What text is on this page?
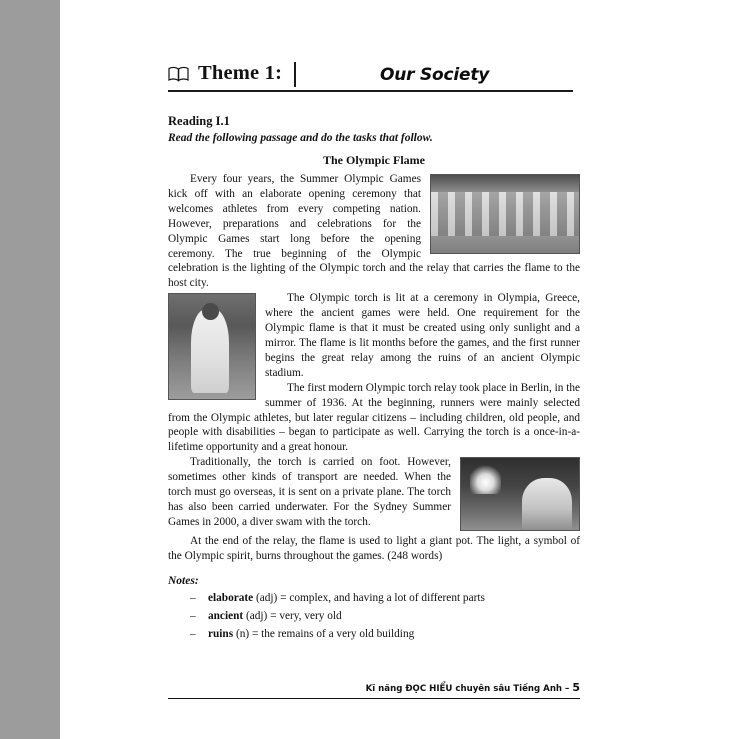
Theme 1:	Our Society
Reading I.1
Read the following passage and do the tasks that follow.
The Olympic Flame

Every four years, the Summer Olympic Games kick off with an elaborate opening ceremony that welcomes athletes from every competing nation. However, preparations and celebrations for the Olympic Games start long before the opening ceremony. The true beginning of the Olympic celebration is the lighting of the Olympic torch and the relay that carries the flame to the host city.

The Olympic torch is lit at a ceremony in Olympia, Greece, where the ancient games were held. One requirement for the Olympic flame is that it must be created using only sunlight and a mirror. The flame is lit months before the games, and the first runner begins the great relay among the ruins of an ancient Olympic stadium.

The first modern Olympic torch relay took place in Berlin, in the summer of 1936. At the beginning, runners were mainly selected from the Olympic athletes, but later regular citizens – including children, old people, and people with disabilities – began to participate as well. Carrying the torch is a once-in-a-lifetime opportunity and a great honour.

Traditionally, the torch is carried on foot. However, sometimes other kinds of transport are needed. When the torch must go overseas, it is sent on a private plane. The torch has also been carried underwater. For the Sydney Summer Games in 2000, a diver swam with the torch.

At the end of the relay, the flame is used to light a giant pot. The light, a symbol of the Olympic spirit, burns throughout the games. (248 words)

Notes:
– elaborate (adj) = complex, and having a lot of different parts
– ancient (adj) = very, very old
– ruins (n) = the remains of a very old building
Kĩ năng ĐỌC HIỂU chuyên sâu Tiếng Anh – 5
